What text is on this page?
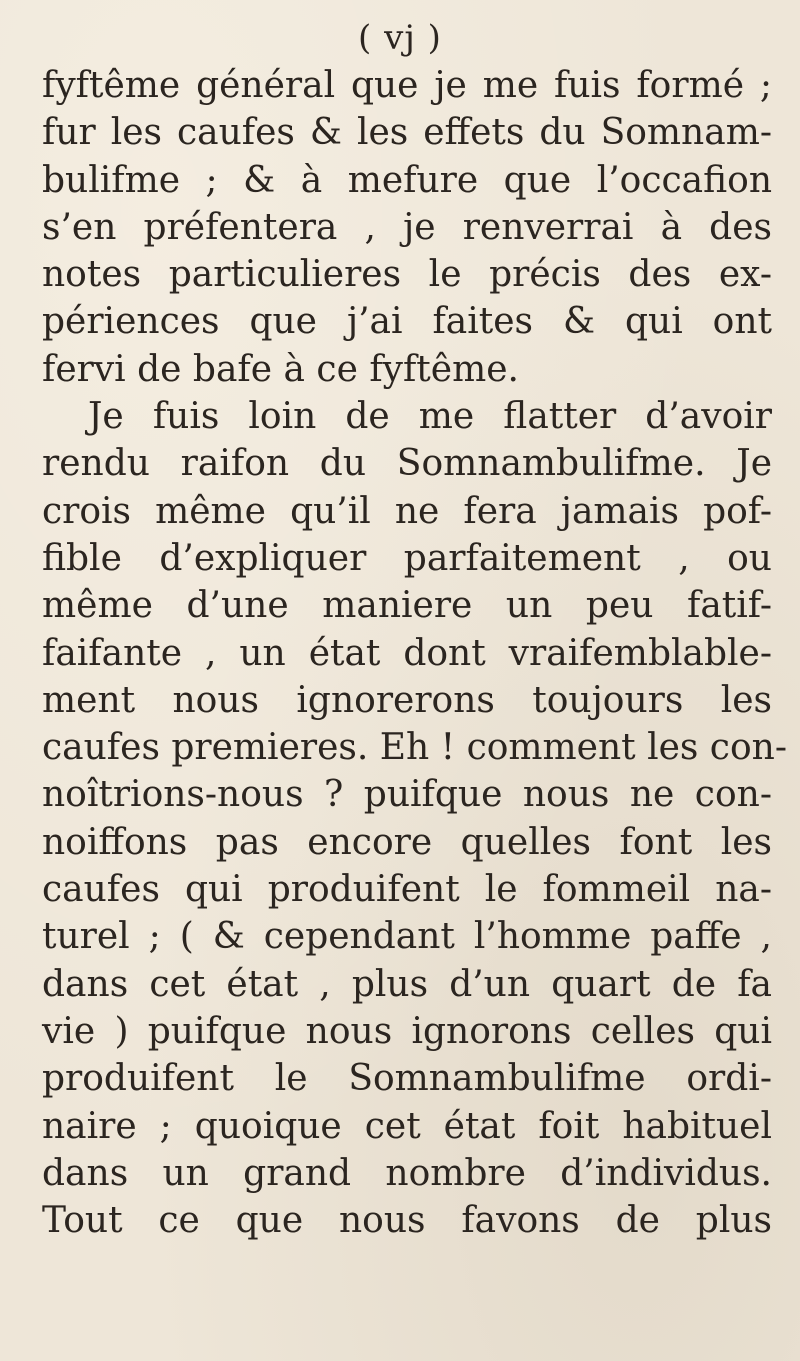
( vj )
fyftême général que je me fuis formé ;
fur les caufes & les effets du Somnam-
bulifme ; & à mefure que l’occafion
s’en préfentera , je renverrai à des
notes particulieres le précis des ex-
périences que j’ai faites & qui ont
fervi de bafe à ce fyftême.
Je fuis loin de me flatter d’avoir
rendu raifon du Somnambulifme. Je
crois même qu’il ne fera jamais pof-
fible d’expliquer parfaitement , ou
même d’une maniere un peu fatif-
faifante , un état dont vraifemblable-
ment nous ignorerons toujours les
caufes premieres. Eh ! comment les con-
noîtrions-nous ? puifque nous ne con-
noiffons pas encore quelles font les
caufes qui produifent le fommeil na-
turel ; ( & cependant l’homme paffe ,
dans cet état , plus d’un quart de fa
vie ) puifque nous ignorons celles qui
produifent le Somnambulifme ordi-
naire ; quoique cet état foit habituel
dans un grand nombre d’individus.
Tout ce que nous favons de plus
